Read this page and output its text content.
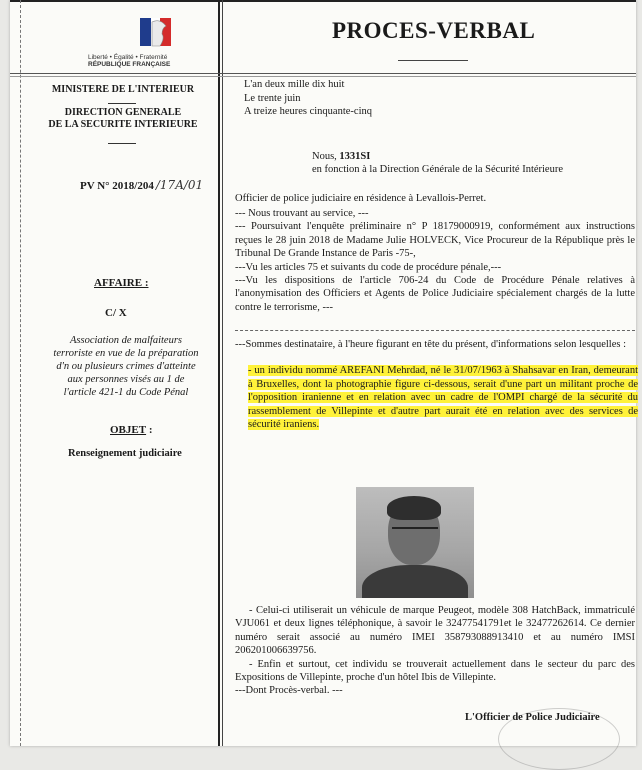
Liberté • Égalité • Fraternité
RÉPUBLIQUE FRANÇAISE
PROCES-VERBAL
MINISTERE DE L'INTERIEUR
DIRECTION GENERALE
DE LA SECURITE INTERIEURE
PV N° 2018/204 /17A/01
AFFAIRE :
C/ X
Association de malfaiteurs
terroriste en vue de la préparation
d'n ou plusieurs crimes d'atteinte
aux personnes visés au 1 de
l'article 421-1 du Code Pénal
OBJET :
Renseignement judiciaire
L'an deux mille dix huit
Le trente juin
A treize heures cinquante-cinq
Nous, 1331SI
en fonction à la Direction Générale de la Sécurité Intérieure
Officier de police judiciaire en résidence à Levallois-Perret.
--- Nous trouvant au service, ---
--- Poursuivant l'enquête préliminaire n° P 18179000919, conformément aux instructions reçues le 28 juin 2018 de Madame Julie HOLVECK, Vice Procureur de la République près le Tribunal De Grande Instance de Paris -75-,
---Vu les articles 75 et suivants du code de procédure pénale,---
---Vu les dispositions de l'article 706-24 du Code de Procédure Pénale relatives à l'anonymisation des Officiers et Agents de Police Judiciaire spécialement chargés de la lutte contre le terrorisme, ---
---Sommes destinataire, à l'heure figurant en tête du présent, d'informations selon lesquelles :
- un individu nommé AREFANI Mehrdad, né le 31/07/1963 à Shahsavar en Iran, demeurant à Bruxelles, dont la photographie figure ci-dessous, serait d'une part un militant proche de l'opposition iranienne et en relation avec un cadre de l'OMPI chargé de la sécurité du rassemblement de Villepinte et d'autre part aurait été en relation avec des services de sécurité iraniens.
- Celui-ci utiliserait un véhicule de marque Peugeot, modèle 308 HatchBack, immatriculé VJU061 et deux lignes téléphonique, à savoir le 32477541791et le 32477262614. Ce dernier numéro serait associé au numéro IMEI 358793088913410 et au numéro IMSI 206201006639756.
- Enfin et surtout, cet individu se trouverait actuellement dans le secteur du parc des Expositions de Villepinte, proche d'un hôtel Ibis de Villepinte.
---Dont Procès-verbal. ---
L'Officier de Police Judiciaire
